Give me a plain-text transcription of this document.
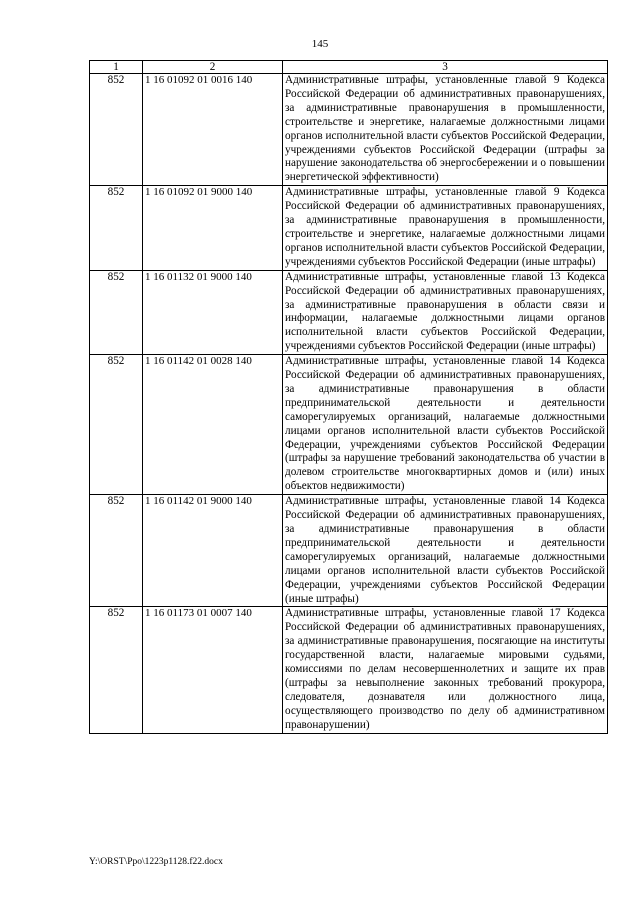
145
1	2	3
852	1 16 01092 01 0016 140	Административные штрафы, установленные главой 9 Кодекса Российской Федерации об административных правонарушениях, за административные правонарушения в промышленности, строительстве и энергетике, налагаемые должностными лицами органов исполнительной власти субъектов Российской Федерации, учреждениями субъектов Российской Федерации (штрафы за нарушение законодательства об энергосбережении и о повышении энергетической эффективности)
852	1 16 01092 01 9000 140	Административные штрафы, установленные главой 9 Кодекса Российской Федерации об административных правонарушениях, за административные правонарушения в промышленности, строительстве и энергетике, налагаемые должностными лицами органов исполнительной власти субъектов Российской Федерации, учреждениями субъектов Российской Федерации (иные штрафы)
852	1 16 01132 01 9000 140	Административные штрафы, установленные главой 13 Кодекса Российской Федерации об административных правонарушениях, за административные правонарушения в области связи и информации, налагаемые должностными лицами органов исполнительной власти субъектов Российской Федерации, учреждениями субъектов Российской Федерации (иные штрафы)
852	1 16 01142 01 0028 140	Административные штрафы, установленные главой 14 Кодекса Российской Федерации об административных правонарушениях, за административные правонарушения в области предпринимательской деятельности и деятельности саморегулируемых организаций, налагаемые должностными лицами органов исполнительной власти субъектов Российской Федерации, учреждениями субъектов Российской Федерации (штрафы за нарушение требований законодательства об участии в долевом строительстве многоквартирных домов и (или) иных объектов недвижимости)
852	1 16 01142 01 9000 140	Административные штрафы, установленные главой 14 Кодекса Российской Федерации об административных правонарушениях, за административные правонарушения в области предпринимательской деятельности и деятельности саморегулируемых организаций, налагаемые должностными лицами органов исполнительной власти субъектов Российской Федерации, учреждениями субъектов Российской Федерации (иные штрафы)
852	1 16 01173 01 0007 140	Административные штрафы, установленные главой 17 Кодекса Российской Федерации об административных правонарушениях, за административные правонарушения, посягающие на институты государственной власти, налагаемые мировыми судьями, комиссиями по делам несовершеннолетних и защите их прав (штрафы за невыполнение законных требований прокурора, следователя, дознавателя или должностного лица, осуществляющего производство по делу об административном правонарушении)
Y:\ORST\Ppo\1223p1128.f22.docx
